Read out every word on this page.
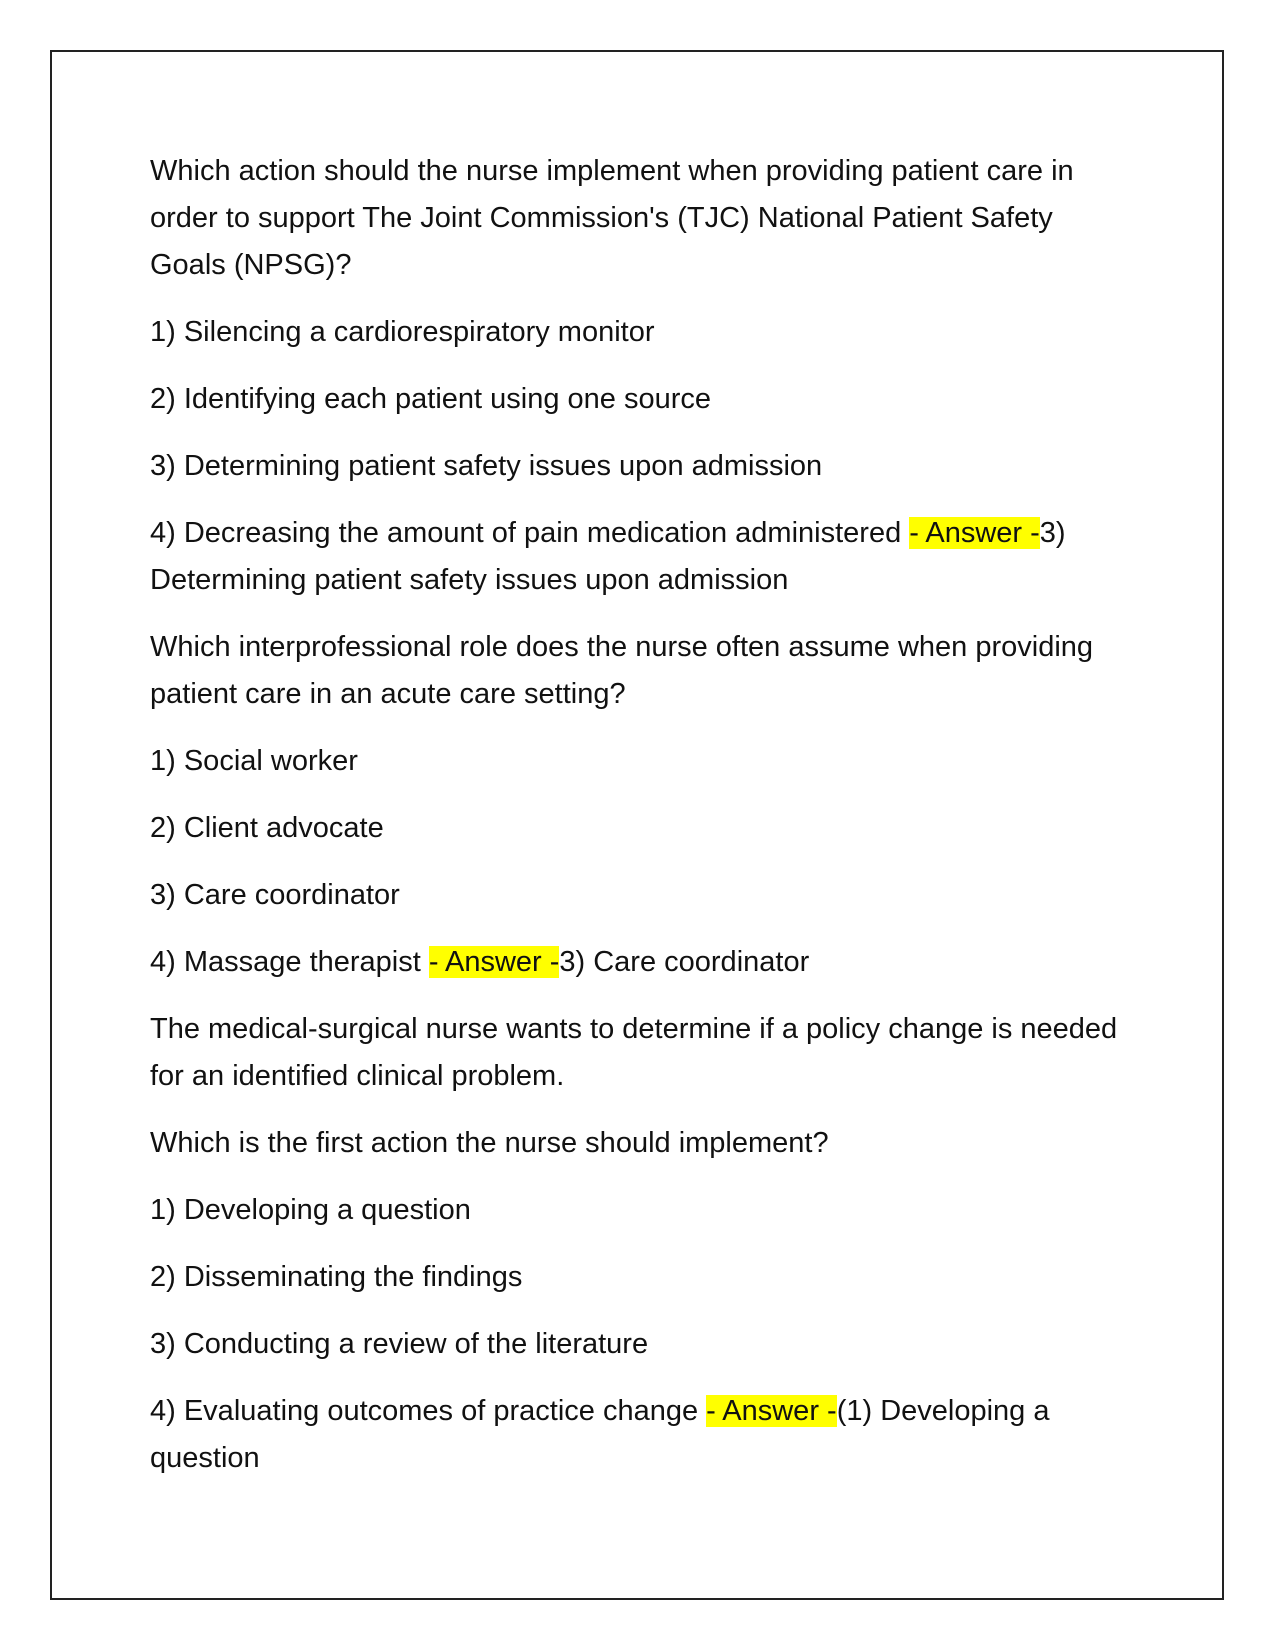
Which action should the nurse implement when providing patient care in order to support The Joint Commission's (TJC) National Patient Safety Goals (NPSG)?

1) Silencing a cardiorespiratory monitor

2) Identifying each patient using one source

3) Determining patient safety issues upon admission

4) Decreasing the amount of pain medication administered - Answer -3) Determining patient safety issues upon admission

Which interprofessional role does the nurse often assume when providing patient care in an acute care setting?

1) Social worker

2) Client advocate

3) Care coordinator

4) Massage therapist - Answer -3) Care coordinator

The medical-surgical nurse wants to determine if a policy change is needed for an identified clinical problem.

Which is the first action the nurse should implement?

1) Developing a question

2) Disseminating the findings

3) Conducting a review of the literature

4) Evaluating outcomes of practice change - Answer -(1) Developing a question
